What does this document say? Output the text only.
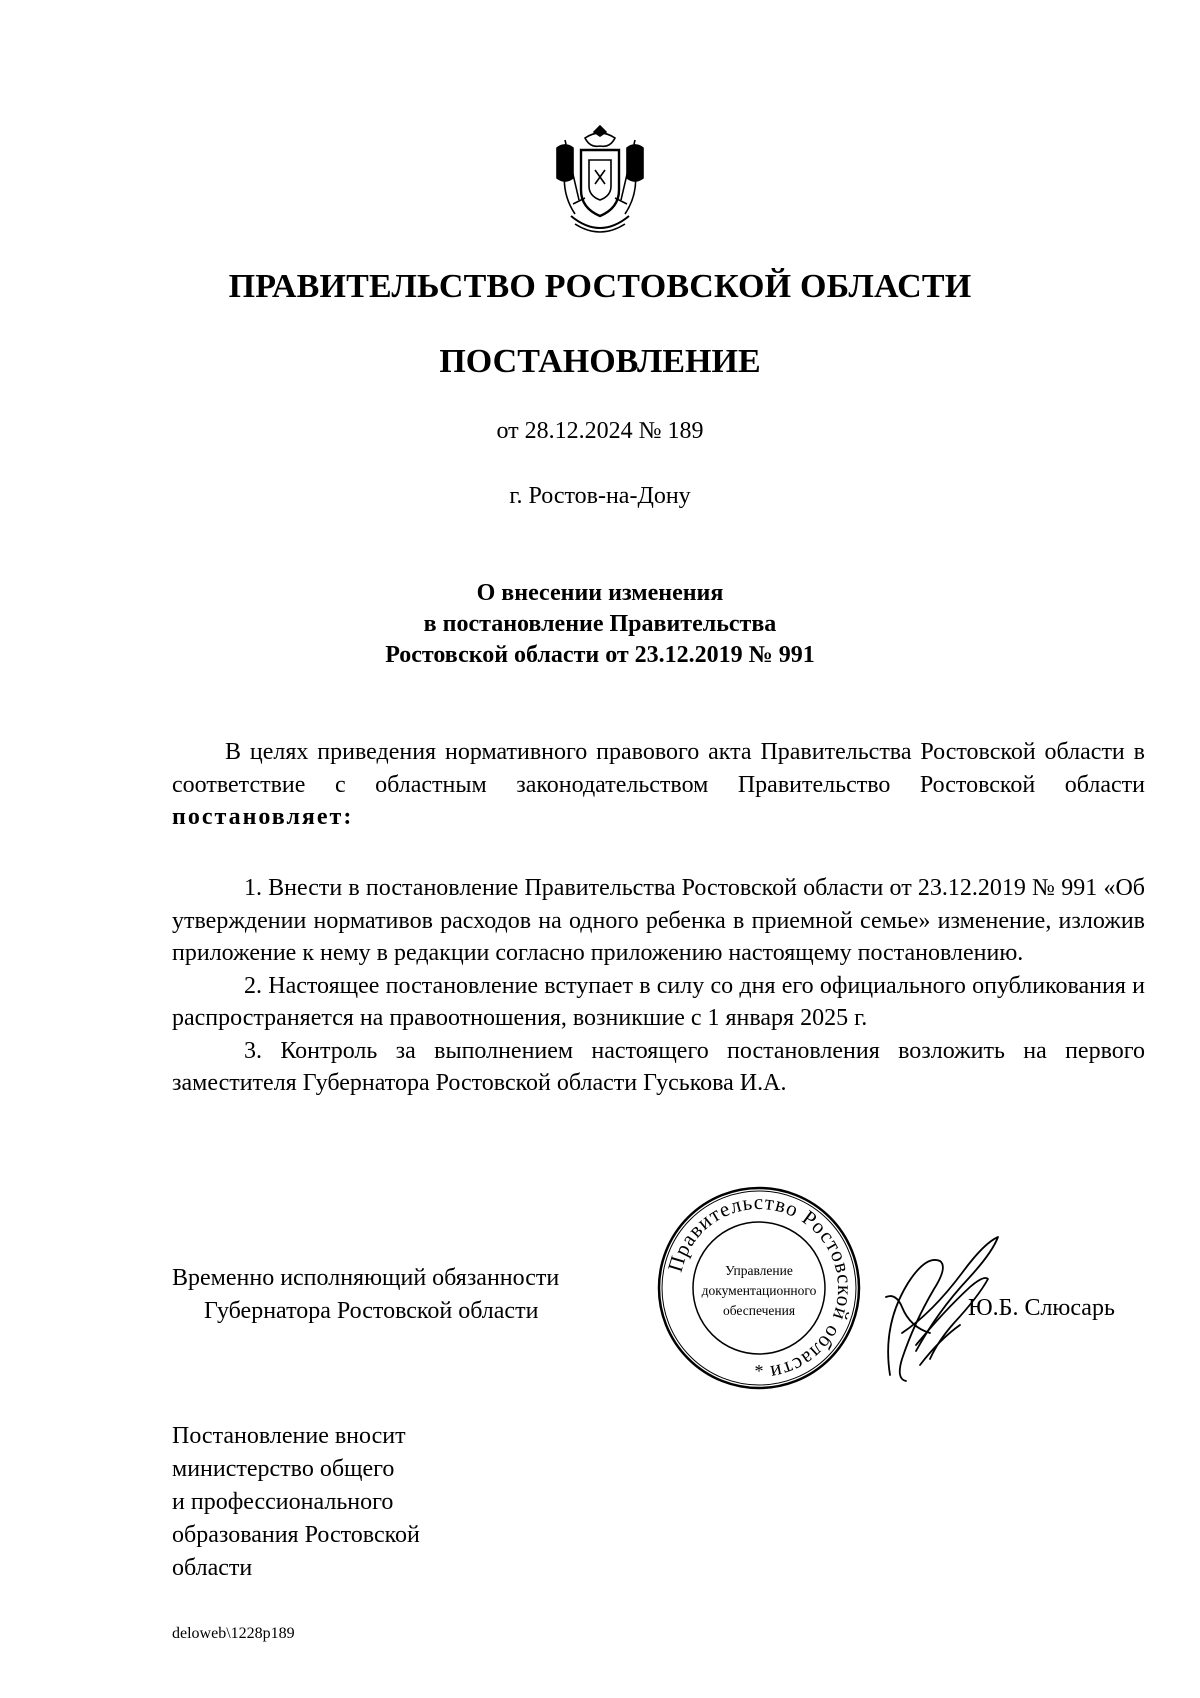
ПРАВИТЕЛЬСТВО РОСТОВСКОЙ ОБЛАСТИ
ПОСТАНОВЛЕНИЕ
от 28.12.2024 № 189
г. Ростов-на-Дону
О внесении изменения
в постановление Правительства
Ростовской области от 23.12.2019 № 991

В целях приведения нормативного правового акта Правительства Ростовской области в соответствие с областным законодательством Правительство Ростовской области постановляет:

1. Внести в постановление Правительства Ростовской области от 23.12.2019 № 991 «Об утверждении нормативов расходов на одного ребенка в приемной семье» изменение, изложив приложение к нему в редакции согласно приложению настоящему постановлению.

2. Настоящее постановление вступает в силу со дня его официального опубликования и распространяется на правоотношения, возникшие с 1 января 2025 г.

3. Контроль за выполнением настоящего постановления возложить на первого заместителя Губернатора Ростовской области Гуськова И.А.

Временно исполняющий обязанности
Губернатора Ростовской области
Правительство Ростовской области
Управление
документационного
обеспечения
*
Ю.Б. Слюсарь
Постановление вносит
министерство общего
и профессионального
образования Ростовской
области
deloweb\1228p189
